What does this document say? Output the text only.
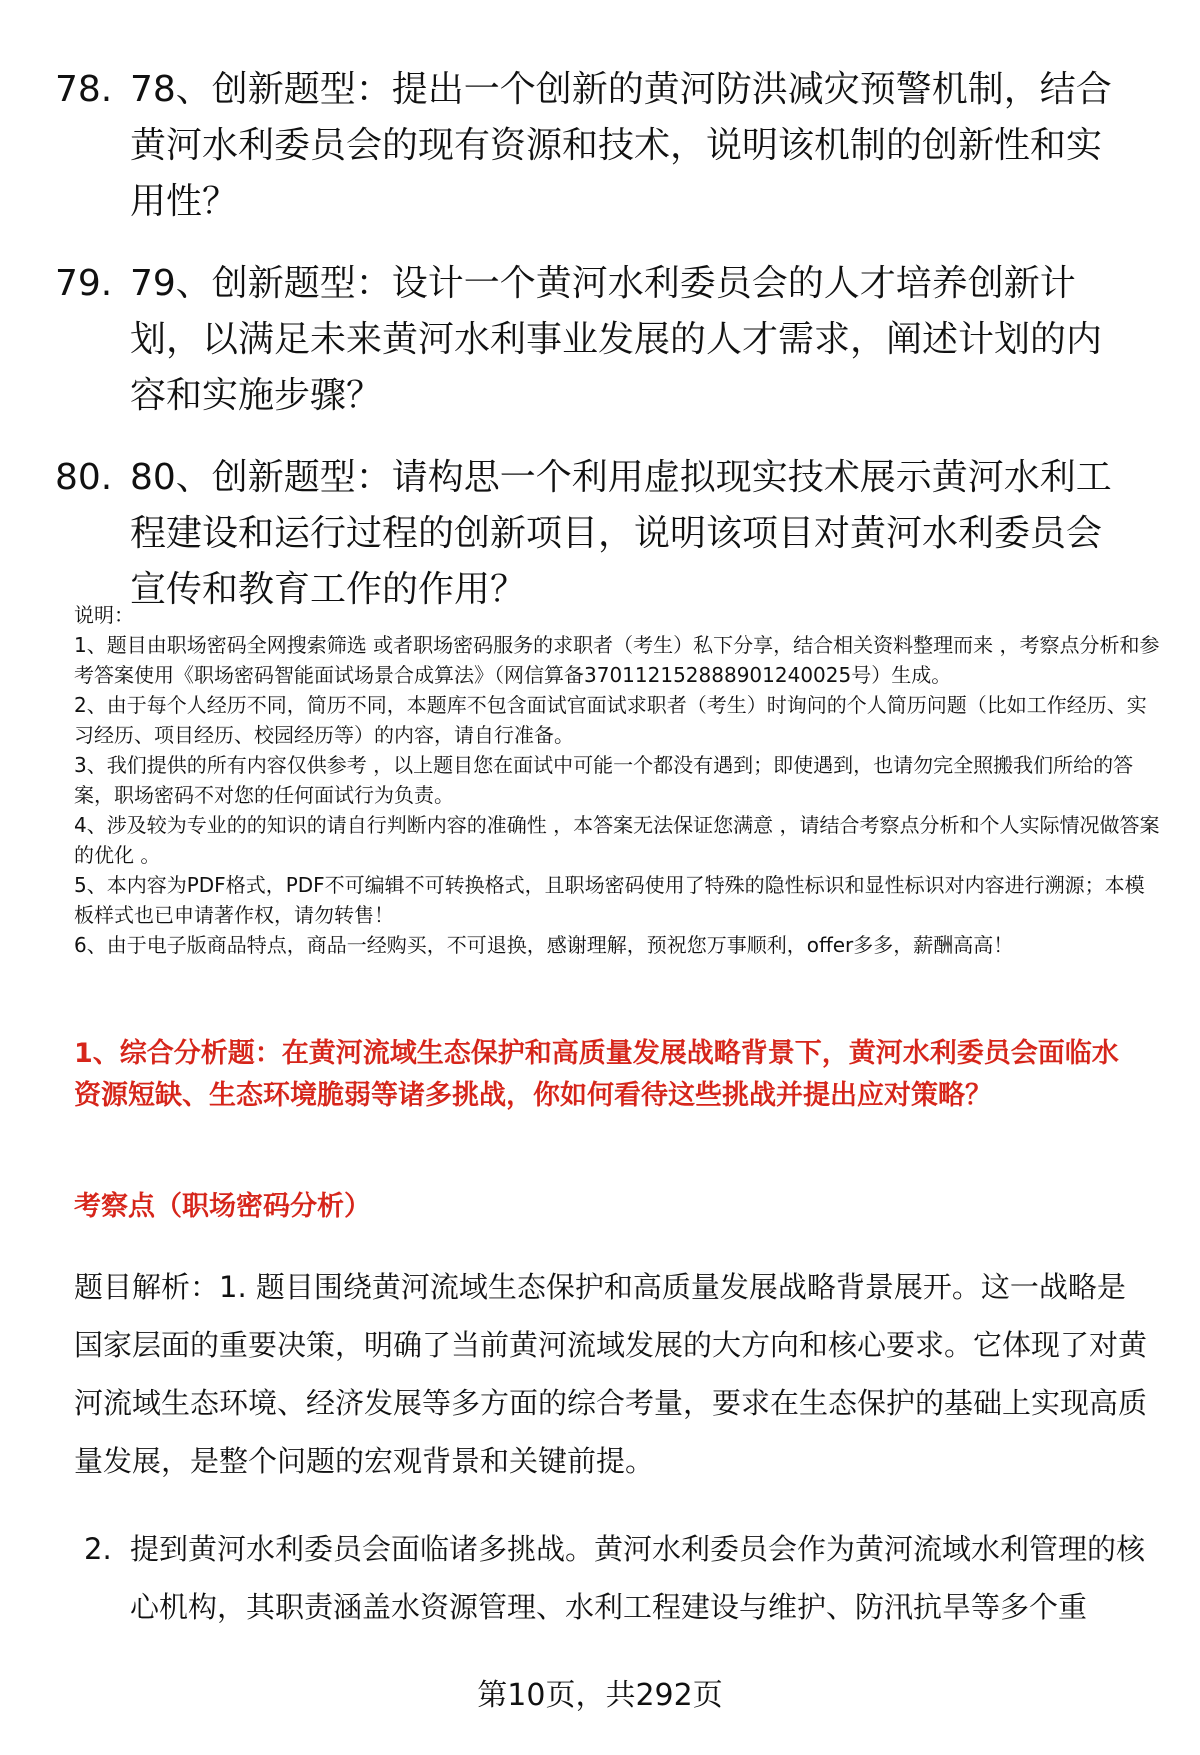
78. 78、创新题型：提出一个创新的黄河防洪减灾预警机制，结合黄河水利委员会的现有资源和技术，说明该机制的创新性和实用性？
79. 79、创新题型：设计一个黄河水利委员会的人才培养创新计划，以满足未来黄河水利事业发展的人才需求，阐述计划的内容和实施步骤？
80. 80、创新题型：请构思一个利用虚拟现实技术展示黄河水利工程建设和运行过程的创新项目，说明该项目对黄河水利委员会宣传和教育工作的作用？

说明：

1、题目由职场密码全网搜索筛选 或者职场密码服务的求职者（考生）私下分享，结合相关资料整理而来 ，考察点分析和参考答案使用《职场密码智能面试场景合成算法》（网信算备370112152888901240025号）生成。

2、由于每个人经历不同，简历不同，本题库不包含面试官面试求职者（考生）时询问的个人简历问题（比如工作经历、实习经历、项目经历、校园经历等）的内容，请自行准备。

3、我们提供的所有内容仅供参考 ，以上题目您在面试中可能一个都没有遇到；即使遇到，也请勿完全照搬我们所给的答案，职场密码不对您的任何面试行为负责。

4、涉及较为专业的的知识的请自行判断内容的准确性 ，本答案无法保证您满意 ，请结合考察点分析和个人实际情况做答案的优化 。

5、本内容为PDF格式，PDF不可编辑不可转换格式，且职场密码使用了特殊的隐性标识和显性标识对内容进行溯源；本模板样式也已申请著作权，请勿转售！

6、由于电子版商品特点，商品一经购买，不可退换，感谢理解，预祝您万事顺利，offer多多，薪酬高高！

1、综合分析题：在黄河流域生态保护和高质量发展战略背景下，黄河水利委员会面临水资源短缺、生态环境脆弱等诸多挑战，你如何看待这些挑战并提出应对策略？
考察点（职场密码分析）
题目解析：1. 题目围绕黄河流域生态保护和高质量发展战略背景展开。这一战略是国家层面的重要决策，明确了当前黄河流域发展的大方向和核心要求。它体现了对黄河流域生态环境、经济发展等多方面的综合考量，要求在生态保护的基础上实现高质量发展，是整个问题的宏观背景和关键前提。
2. 提到黄河水利委员会面临诸多挑战。黄河水利委员会作为黄河流域水利管理的核心机构，其职责涵盖水资源管理、水利工程建设与维护、防汛抗旱等多个重
第10页，共292页
